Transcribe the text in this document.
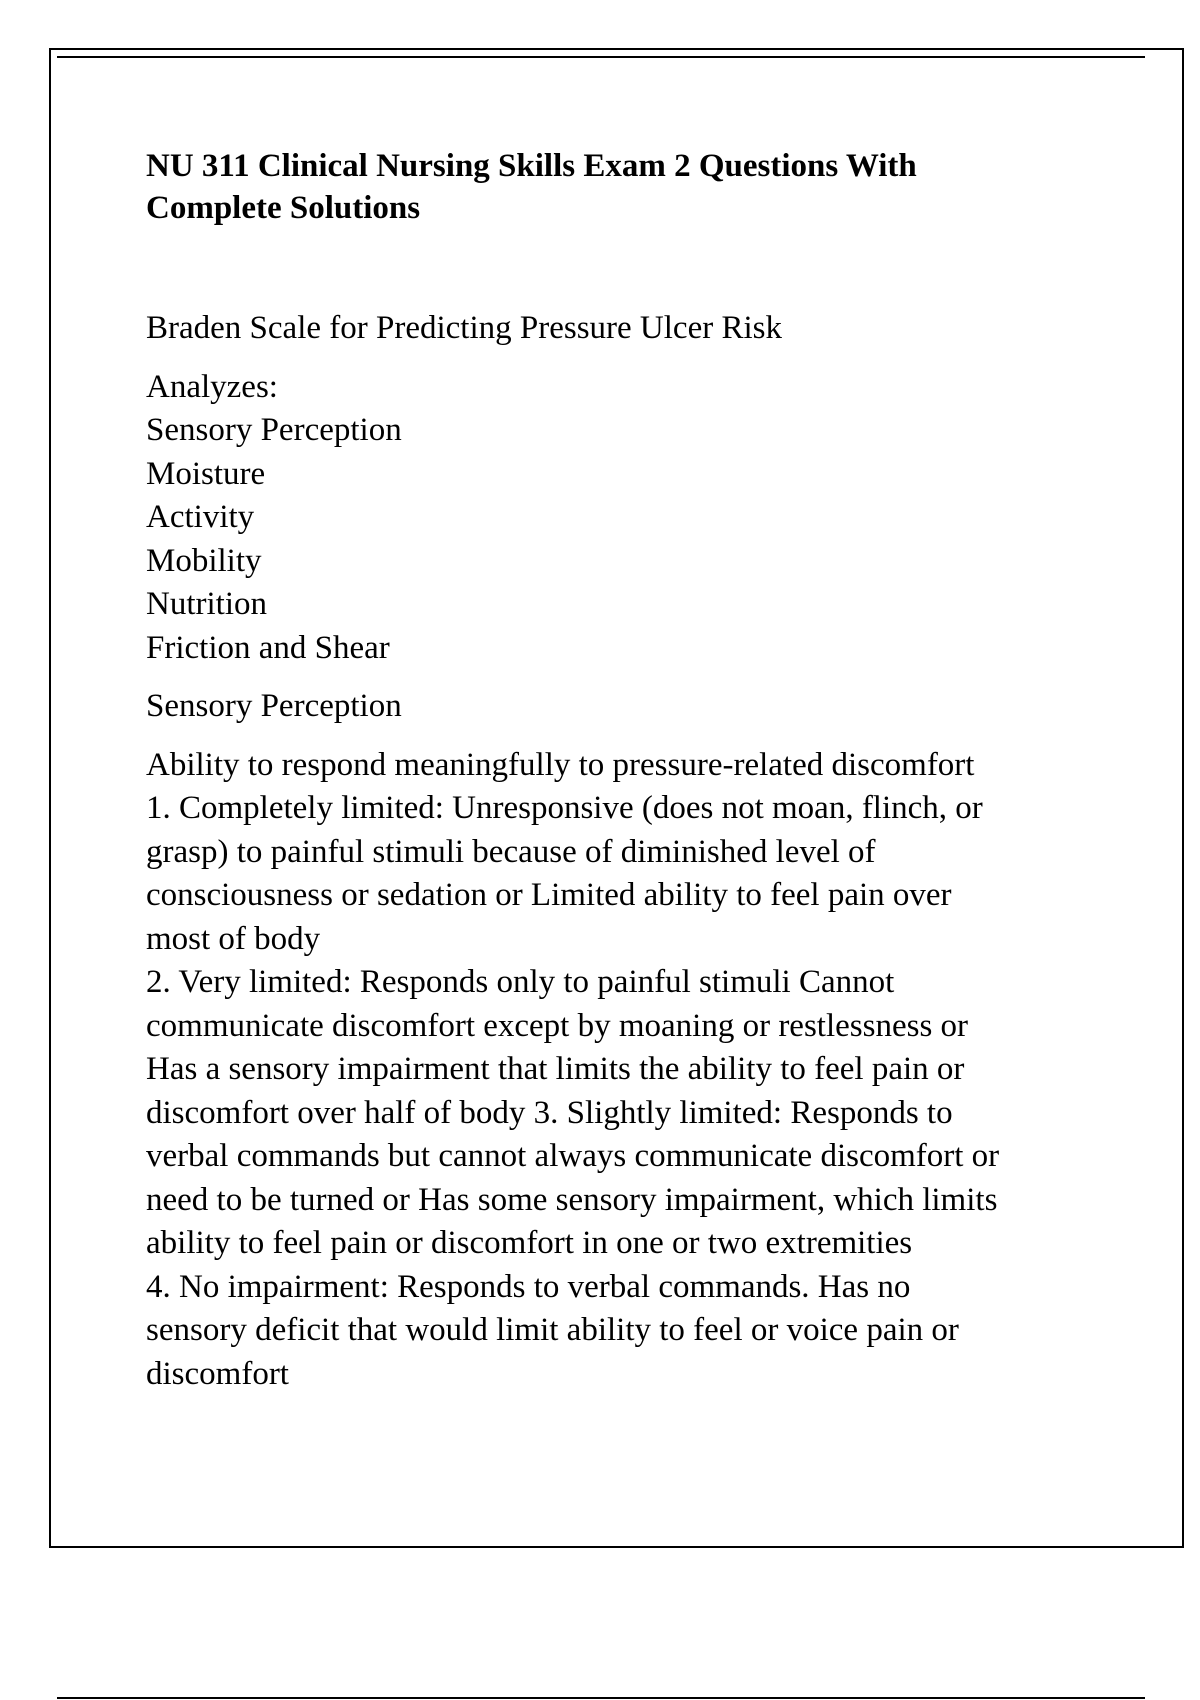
NU 311 Clinical Nursing Skills Exam 2 Questions With
Complete Solutions

Braden Scale for Predicting Pressure Ulcer Risk

Analyzes:
Sensory Perception
Moisture
Activity
Mobility
Nutrition
Friction and Shear

Sensory Perception

Ability to respond meaningfully to pressure-related discomfort
1. Completely limited: Unresponsive (does not moan, flinch, or
grasp) to painful stimuli because of diminished level of
consciousness or sedation or Limited ability to feel pain over
most of body
2. Very limited: Responds only to painful stimuli Cannot
communicate discomfort except by moaning or restlessness or
Has a sensory impairment that limits the ability to feel pain or
discomfort over half of body 3. Slightly limited: Responds to
verbal commands but cannot always communicate discomfort or
need to be turned or Has some sensory impairment, which limits
ability to feel pain or discomfort in one or two extremities
4. No impairment: Responds to verbal commands. Has no
sensory deficit that would limit ability to feel or voice pain or
discomfort
